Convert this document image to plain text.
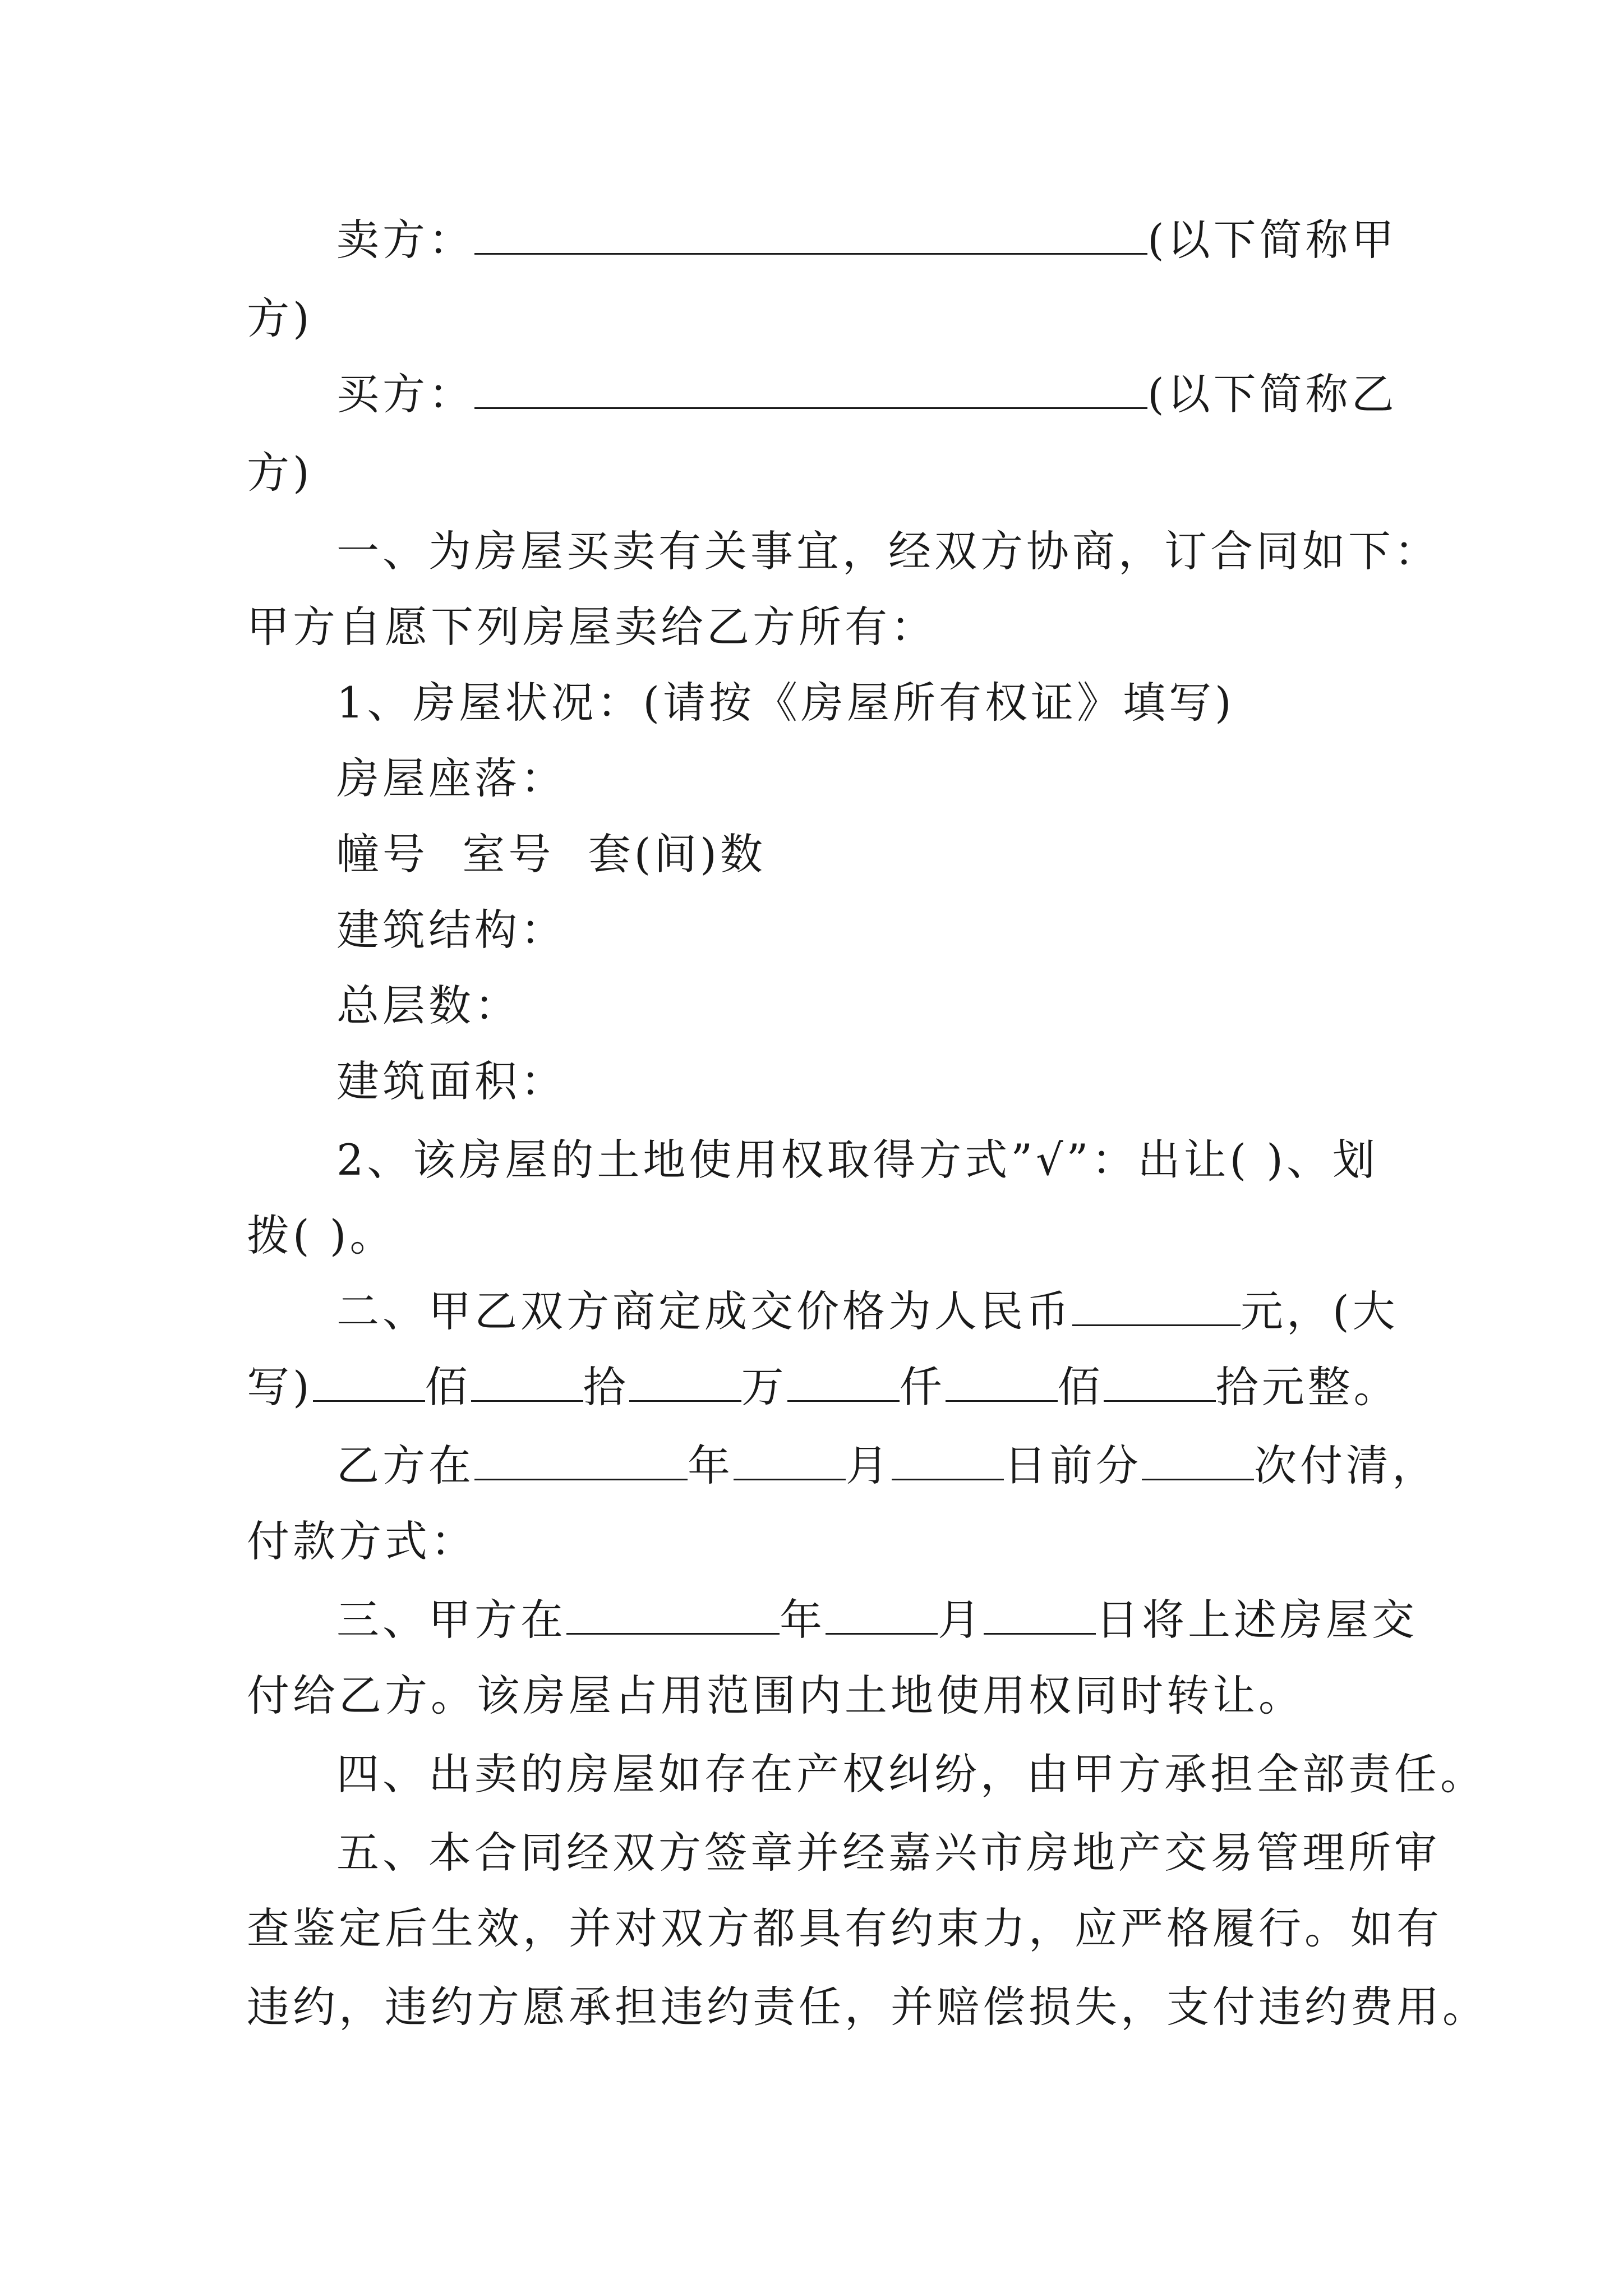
卖方：	(以下简称甲
方)
买方：	(以下简称乙
方)
一、为房屋买卖有关事宜，经双方协商，订合同如下：
甲方自愿下列房屋卖给乙方所有：
1、房屋状况：(请按《房屋所有权证》填写)
房屋座落：
幢号  室号  套(间)数
建筑结构：
总层数：
建筑面积：
2、该房屋的土地使用权取得方式”√”：出让( )、划
拨( )。
二、甲乙双方商定成交价格为人民币	元，(大
写)	佰	拾	万	仟	佰	拾元整。
乙方在	年	月	日前分	次付清，
付款方式：
三、甲方在	年	月	日将上述房屋交
付给乙方。该房屋占用范围内土地使用权同时转让。
四、出卖的房屋如存在产权纠纷，由甲方承担全部责任。
五、本合同经双方签章并经嘉兴市房地产交易管理所审
查鉴定后生效，并对双方都具有约束力，应严格履行。如有
违约，违约方愿承担违约责任，并赔偿损失，支付违约费用。
